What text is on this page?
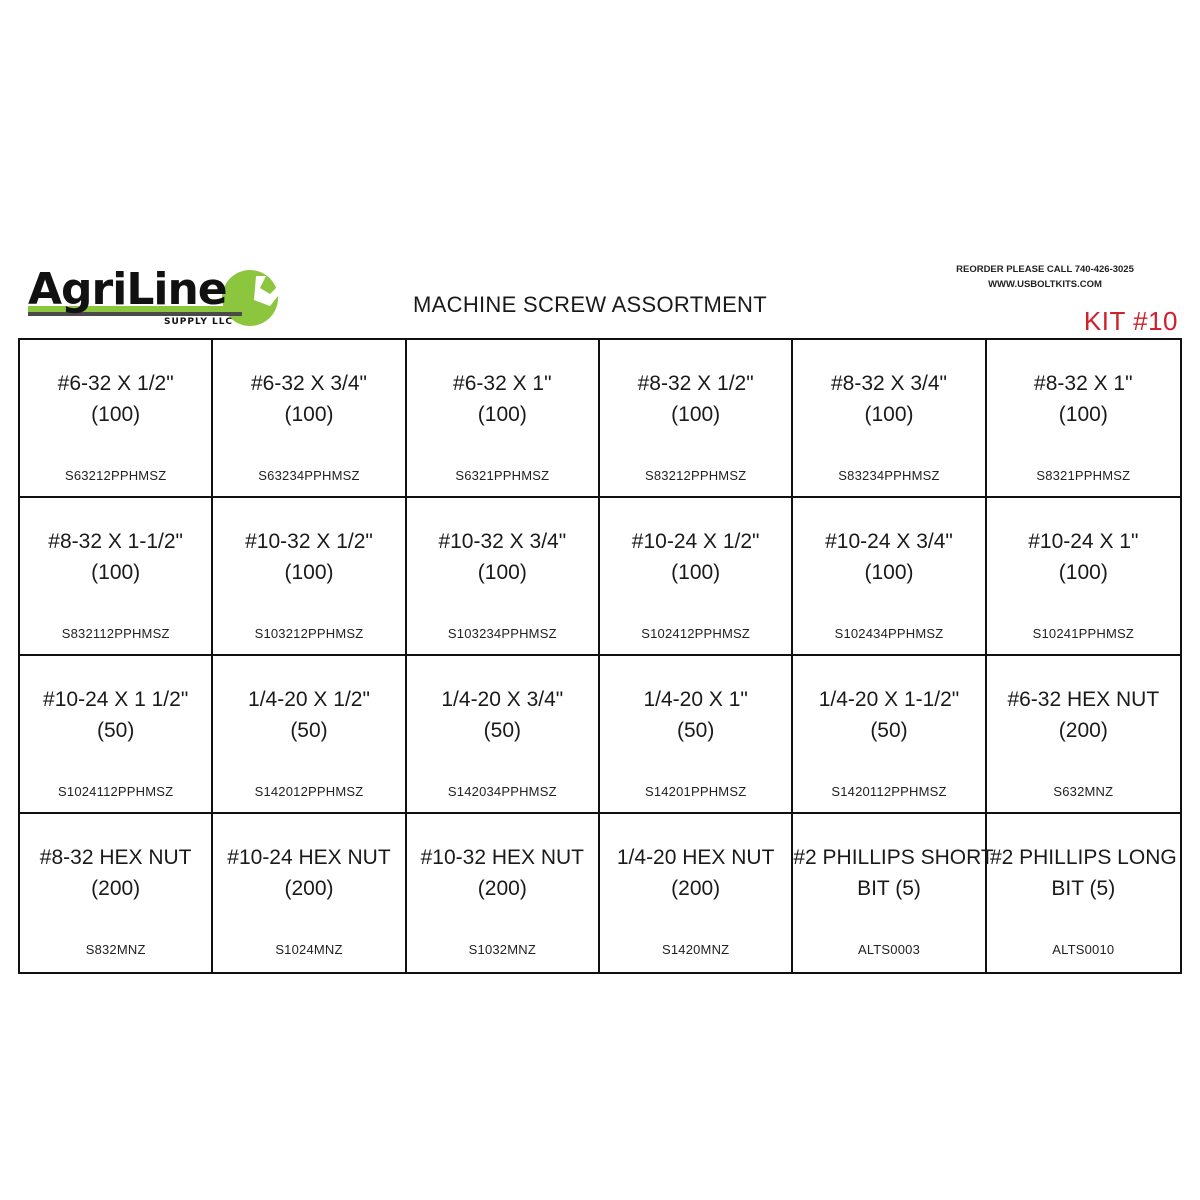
AgriLine
SUPPLY LLC
MACHINE SCREW ASSORTMENT
REORDER PLEASE CALL 740-426-3025
WWW.USBOLTKITS.COM
KIT #10
#6-32 X 1/2"
(100)
S63212PPHMSZ
#6-32 X 3/4"
(100)
S63234PPHMSZ
#6-32 X 1"
(100)
S6321PPHMSZ
#8-32 X 1/2"
(100)
S83212PPHMSZ
#8-32 X 3/4"
(100)
S83234PPHMSZ
#8-32 X 1"
(100)
S8321PPHMSZ
#8-32 X 1-1/2"
(100)
S832112PPHMSZ
#10-32 X 1/2"
(100)
S103212PPHMSZ
#10-32 X 3/4"
(100)
S103234PPHMSZ
#10-24 X 1/2"
(100)
S102412PPHMSZ
#10-24 X 3/4"
(100)
S102434PPHMSZ
#10-24 X 1"
(100)
S10241PPHMSZ
#10-24 X 1 1/2"
(50)
S1024112PPHMSZ
1/4-20 X 1/2"
(50)
S142012PPHMSZ
1/4-20 X 3/4"
(50)
S142034PPHMSZ
1/4-20 X 1"
(50)
S14201PPHMSZ
1/4-20 X 1-1/2"
(50)
S1420112PPHMSZ
#6-32 HEX NUT
(200)
S632MNZ
#8-32 HEX NUT
(200)
S832MNZ
#10-24 HEX NUT
(200)
S1024MNZ
#10-32 HEX NUT
(200)
S1032MNZ
1/4-20 HEX NUT
(200)
S1420MNZ
#2 PHILLIPS SHORT
BIT (5)
ALTS0003
#2 PHILLIPS LONG
BIT (5)
ALTS0010
